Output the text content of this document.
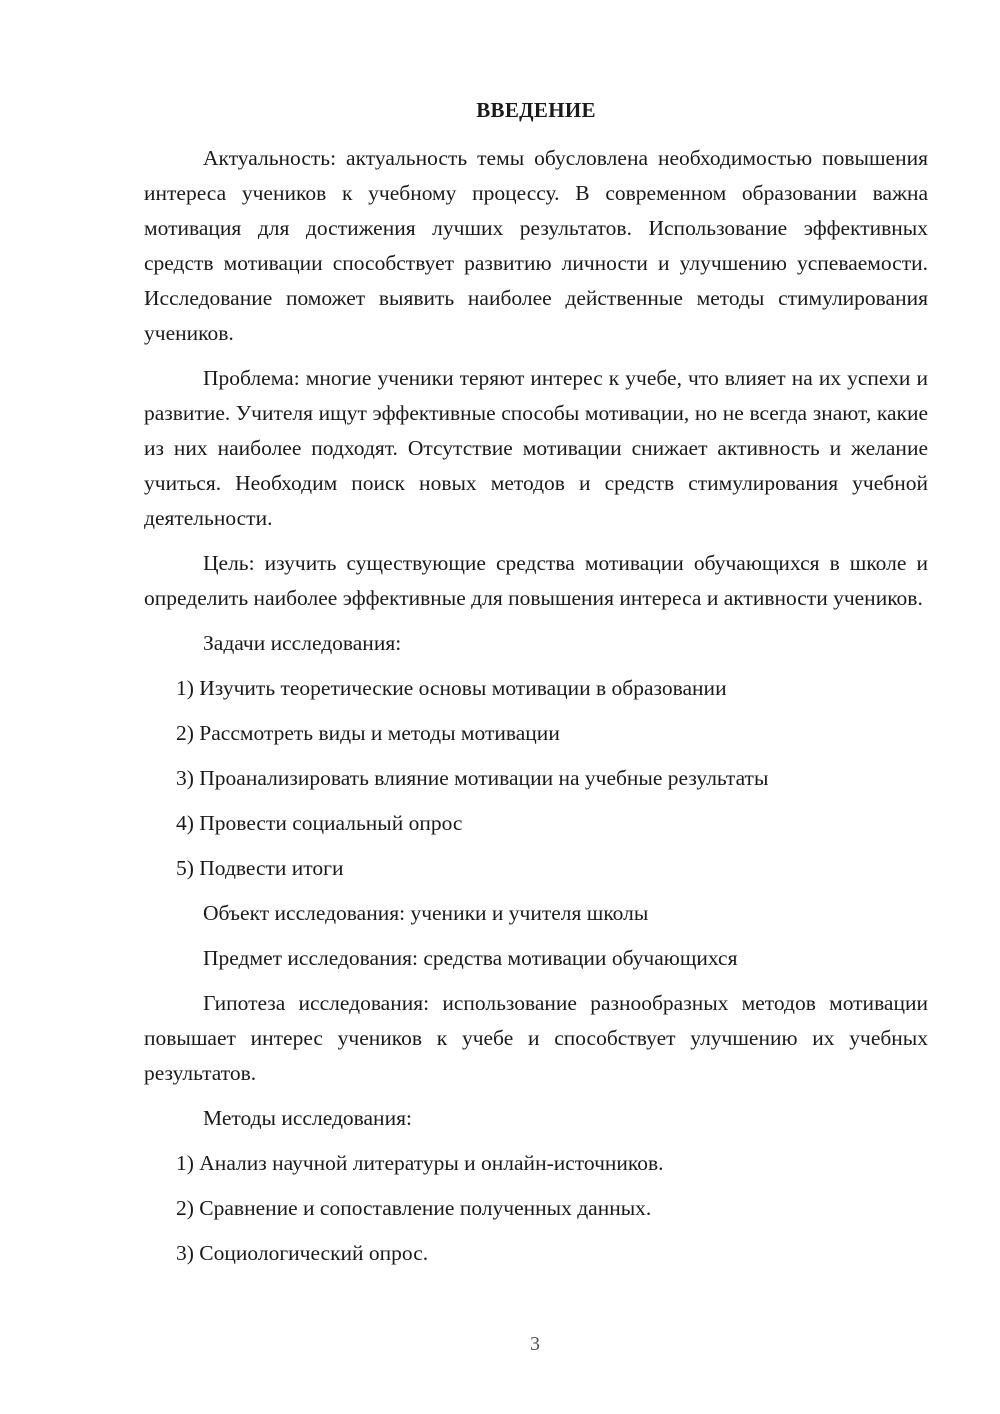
ВВЕДЕНИЕ

Актуальность: актуальность темы обусловлена необходимостью повышения интереса учеников к учебному процессу. В современном образовании важна мотивация для достижения лучших результатов. Использование эффективных средств мотивации способствует развитию личности и улучшению успеваемости. Исследование поможет выявить наиболее действенные методы стимулирования учеников.

Проблема: многие ученики теряют интерес к учебе, что влияет на их успехи и развитие. Учителя ищут эффективные способы мотивации, но не всегда знают, какие из них наиболее подходят. Отсутствие мотивации снижает активность и желание учиться. Необходим поиск новых методов и средств стимулирования учебной деятельности.

Цель: изучить существующие средства мотивации обучающихся в школе и определить наиболее эффективные для повышения интереса и активности учеников.

Задачи исследования:
1) Изучить теоретические основы мотивации в образовании
2) Рассмотреть виды и методы мотивации
3) Проанализировать влияние мотивации на учебные результаты
4) Провести социальный опрос
5) Подвести итоги
Объект исследования: ученики и учителя школы
Предмет исследования: средства мотивации обучающихся

Гипотеза исследования: использование разнообразных методов мотивации повышает интерес учеников к учебе и способствует улучшению их учебных результатов.

Методы исследования:
1) Анализ научной литературы и онлайн-источников.
2) Сравнение и сопоставление полученных данных.
3) Социологический опрос.
3
